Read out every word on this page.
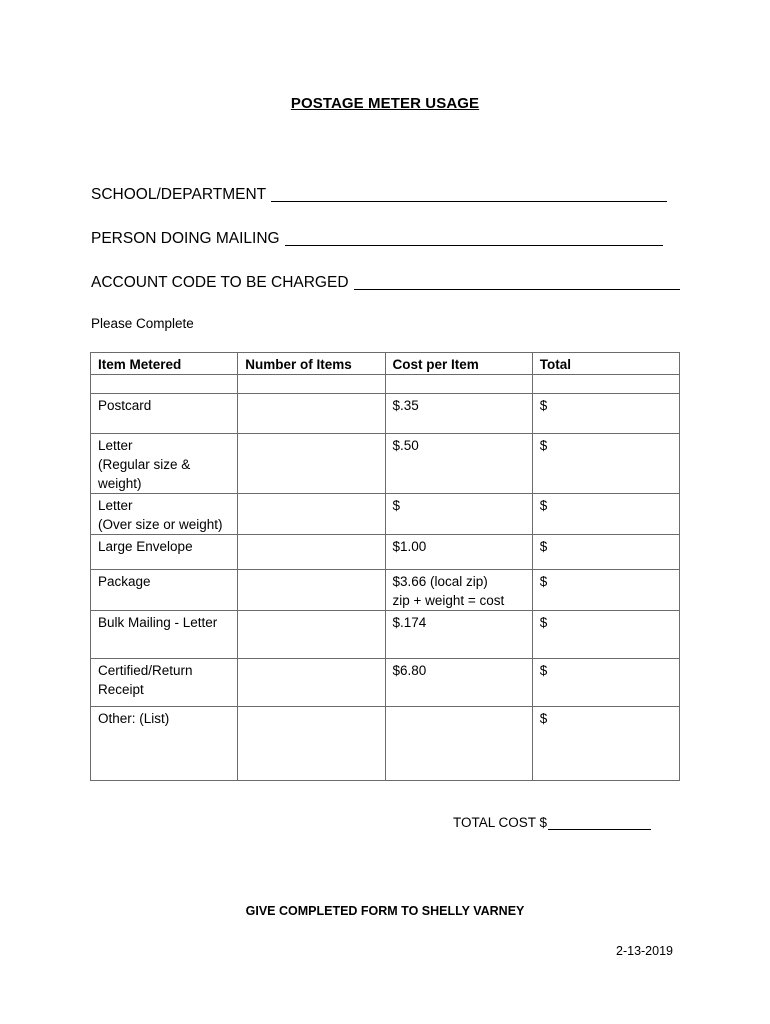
POSTAGE METER USAGE
SCHOOL/DEPARTMENT
PERSON DOING MAILING
ACCOUNT CODE TO BE CHARGED
Please Complete
Item Metered	Number of Items	Cost per Item	Total

Postcard		$.35	$
Letter
(Regular size &
weight)		$.50	$
Letter
(Over size or weight)		$	$
Large Envelope		$1.00	$
Package		$3.66 (local zip)
zip + weight = cost	$
Bulk Mailing - Letter		$.174	$
Certified/Return
Receipt		$6.80	$
Other: (List)			$
TOTAL COST $
GIVE COMPLETED FORM TO SHELLY VARNEY
2-13-2019
